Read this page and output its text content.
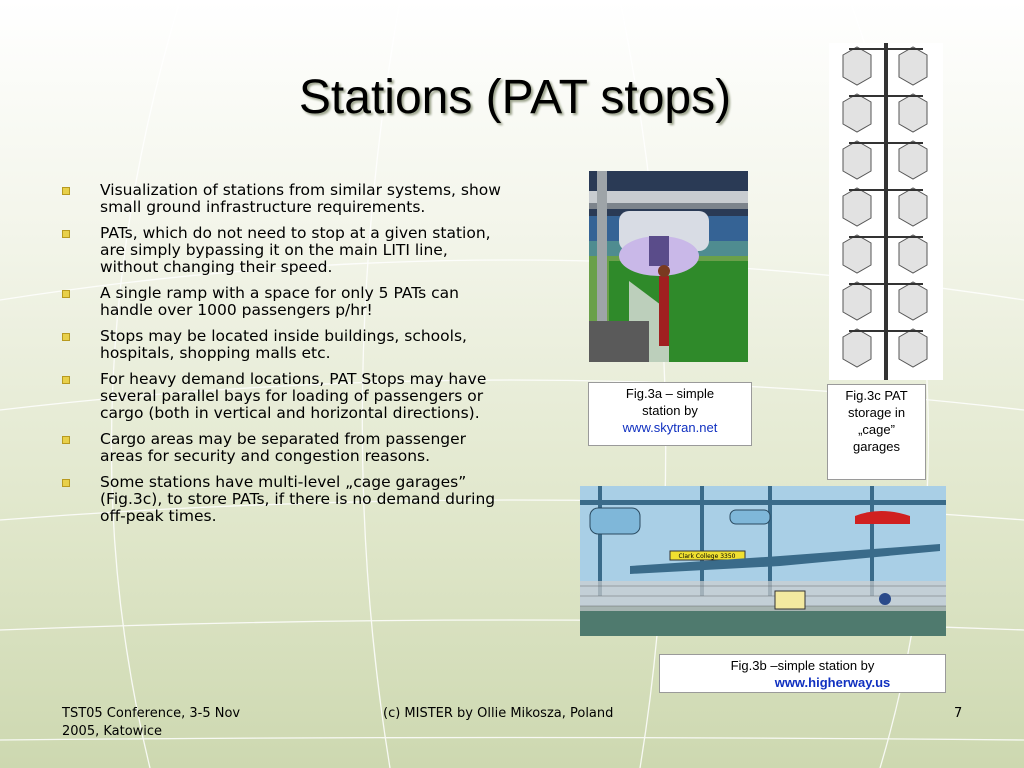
Stations (PAT stops)
Visualization of stations from similar systems, show small ground infrastructure requirements.
PATs, which do not need to stop at a given station, are simply bypassing it on the main LITI line, without changing their speed.
A single ramp with a space for only 5 PATs can handle over 1000 passengers p/hr!
Stops may be located inside buildings, schools, hospitals, shopping malls etc.
For heavy demand locations, PAT Stops may have several parallel bays for loading of passengers or cargo (both in vertical and horizontal directions).
Cargo areas may be separated from passenger areas for security and congestion reasons.
Some stations have multi-level „cage garages” (Fig.3c), to store PATs, if there is no demand during off-peak times.
Fig.3a – simple
station by
www.skytran.net
Fig.3c PAT
storage in
„cage”
garages
Clark College 3350
Fig.3b –simple station by
www.higherway.us
TST05 Conference, 3-5 Nov
2005, Katowice
(c) MISTER by Ollie Mikosza, Poland	7
